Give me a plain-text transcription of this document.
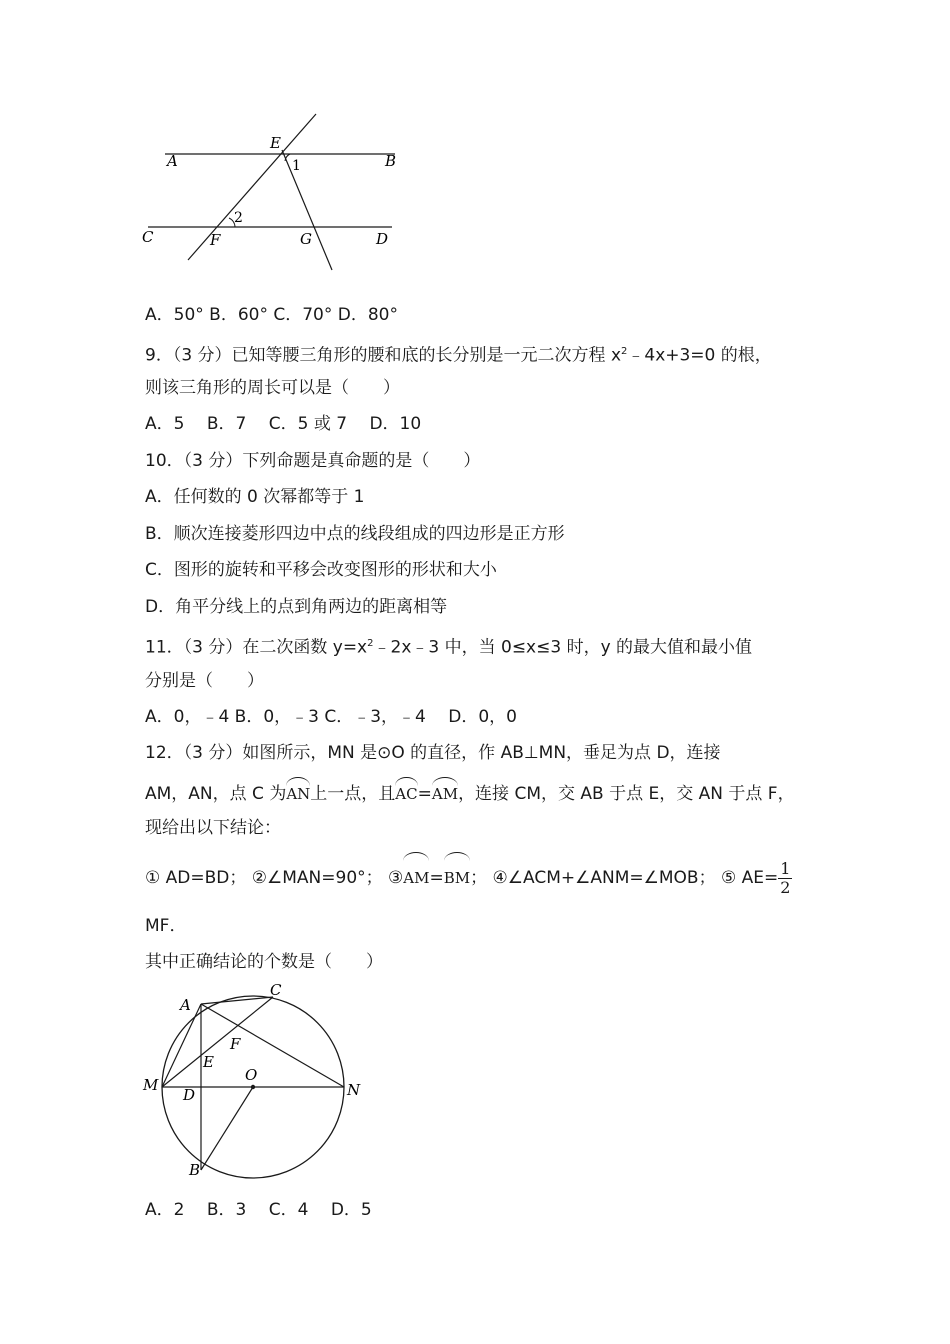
A	B
C	D
E
F	G
1
2
A．50° B．60° C．70° D．80°
9．（3 分）已知等腰三角形的腰和底的长分别是一元二次方程 $x^2﹣4x+3=0$ 的根，
则该三角形的周长可以是（　　）
A．5　 B．7　 C．5 或 7　 D．10
10．（3 分）下列命题是真命题的是（　　）
A．任何数的 0 次幂都等于 1
B．顺次连接菱形四边中点的线段组成的四边形是正方形
C．图形的旋转和平移会改变图形的形状和大小
D．角平分线上的点到角两边的距离相等
11．（3 分）在二次函数 $y=x^2﹣2x﹣3$ 中，当 0≤x≤3 时，y 的最大值和最小值
分别是（　　）
A．0，﹣4 B．0，﹣3 C．﹣3，﹣4　 D．0，0
12．（3 分）如图所示，MN 是⊙O 的直径，作 AB⊥MN，垂足为点 D，连接
AM，AN，点 C 为AN上一点，且AC=AM，连接 CM，交 AB 于点 E，交 AN 于点 F，
现给出以下结论：
① AD=BD； ②∠MAN=90°； ③AM=BM； ④∠ACM+∠ANM=∠MOB； ⑤ $AE= \frac{1}{2}$
MF．
其中正确结论的个数是（　　）
A
C
F
E
O
M	N
D
B
A．2　 B．3　 C．4　 D．5
